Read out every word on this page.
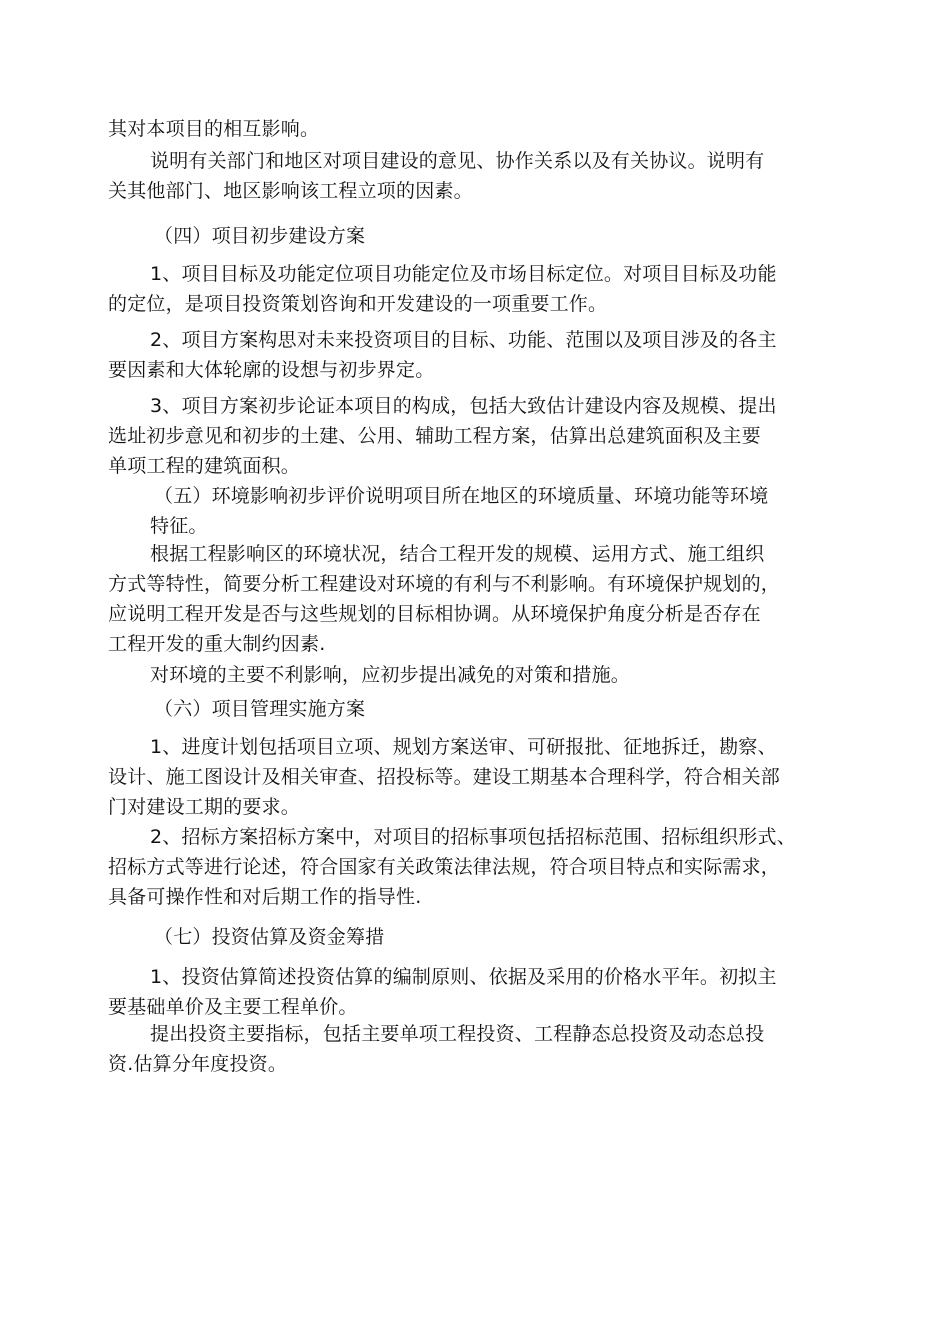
其对本项目的相互影响。
说明有关部门和地区对项目建设的意见、协作关系以及有关协议。说明有
关其他部门、地区影响该工程立项的因素。
（四）项目初步建设方案
1、项目目标及功能定位项目功能定位及市场目标定位。对项目目标及功能
的定位，是项目投资策划咨询和开发建设的一项重要工作。
2、项目方案构思对未来投资项目的目标、功能、范围以及项目涉及的各主
要因素和大体轮廓的设想与初步界定。
3、项目方案初步论证本项目的构成，包括大致估计建设内容及规模、提出
选址初步意见和初步的土建、公用、辅助工程方案，估算出总建筑面积及主要
单项工程的建筑面积。
（五）环境影响初步评价说明项目所在地区的环境质量、环境功能等环境
特征。
根据工程影响区的环境状况，结合工程开发的规模、运用方式、施工组织
方式等特性，简要分析工程建设对环境的有利与不利影响。有环境保护规划的，
应说明工程开发是否与这些规划的目标相协调。从环境保护角度分析是否存在
工程开发的重大制约因素.
对环境的主要不利影响，应初步提出减免的对策和措施。
（六）项目管理实施方案
1、进度计划包括项目立项、规划方案送审、可研报批、征地拆迁，勘察、
设计、施工图设计及相关审查、招投标等。建设工期基本合理科学，符合相关部
门对建设工期的要求。
2、招标方案招标方案中，对项目的招标事项包括招标范围、招标组织形式、
招标方式等进行论述，符合国家有关政策法律法规，符合项目特点和实际需求，
具备可操作性和对后期工作的指导性.
（七）投资估算及资金筹措
1、投资估算简述投资估算的编制原则、依据及采用的价格水平年。初拟主
要基础单价及主要工程单价。
提出投资主要指标，包括主要单项工程投资、工程静态总投资及动态总投
资.估算分年度投资。
